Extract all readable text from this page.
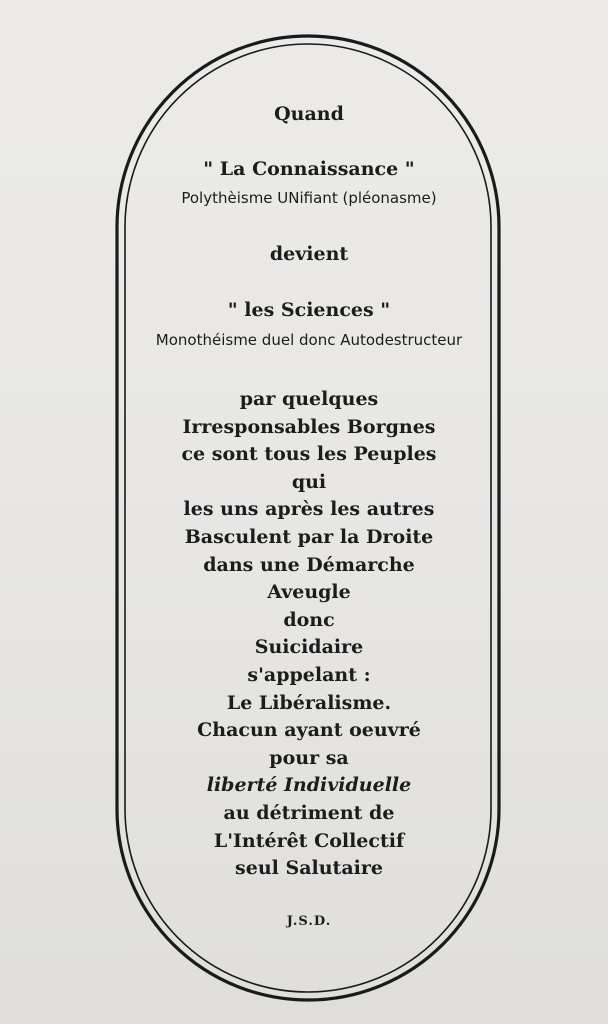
Quand
" La Connaissance "
Polythèisme UNifiant (pléonasme)
devient
" les Sciences "
Monothéisme duel donc Autodestructeur
par quelques
Irresponsables Borgnes
ce sont tous les Peuples
qui
les uns après les autres
Basculent par la Droite
dans une Démarche
Aveugle
donc
Suicidaire
s'appelant :
Le Libéralisme.
Chacun ayant oeuvré
pour sa
liberté Individuelle
au détriment de
L'Intérêt Collectif
seul Salutaire
J.S.D.
